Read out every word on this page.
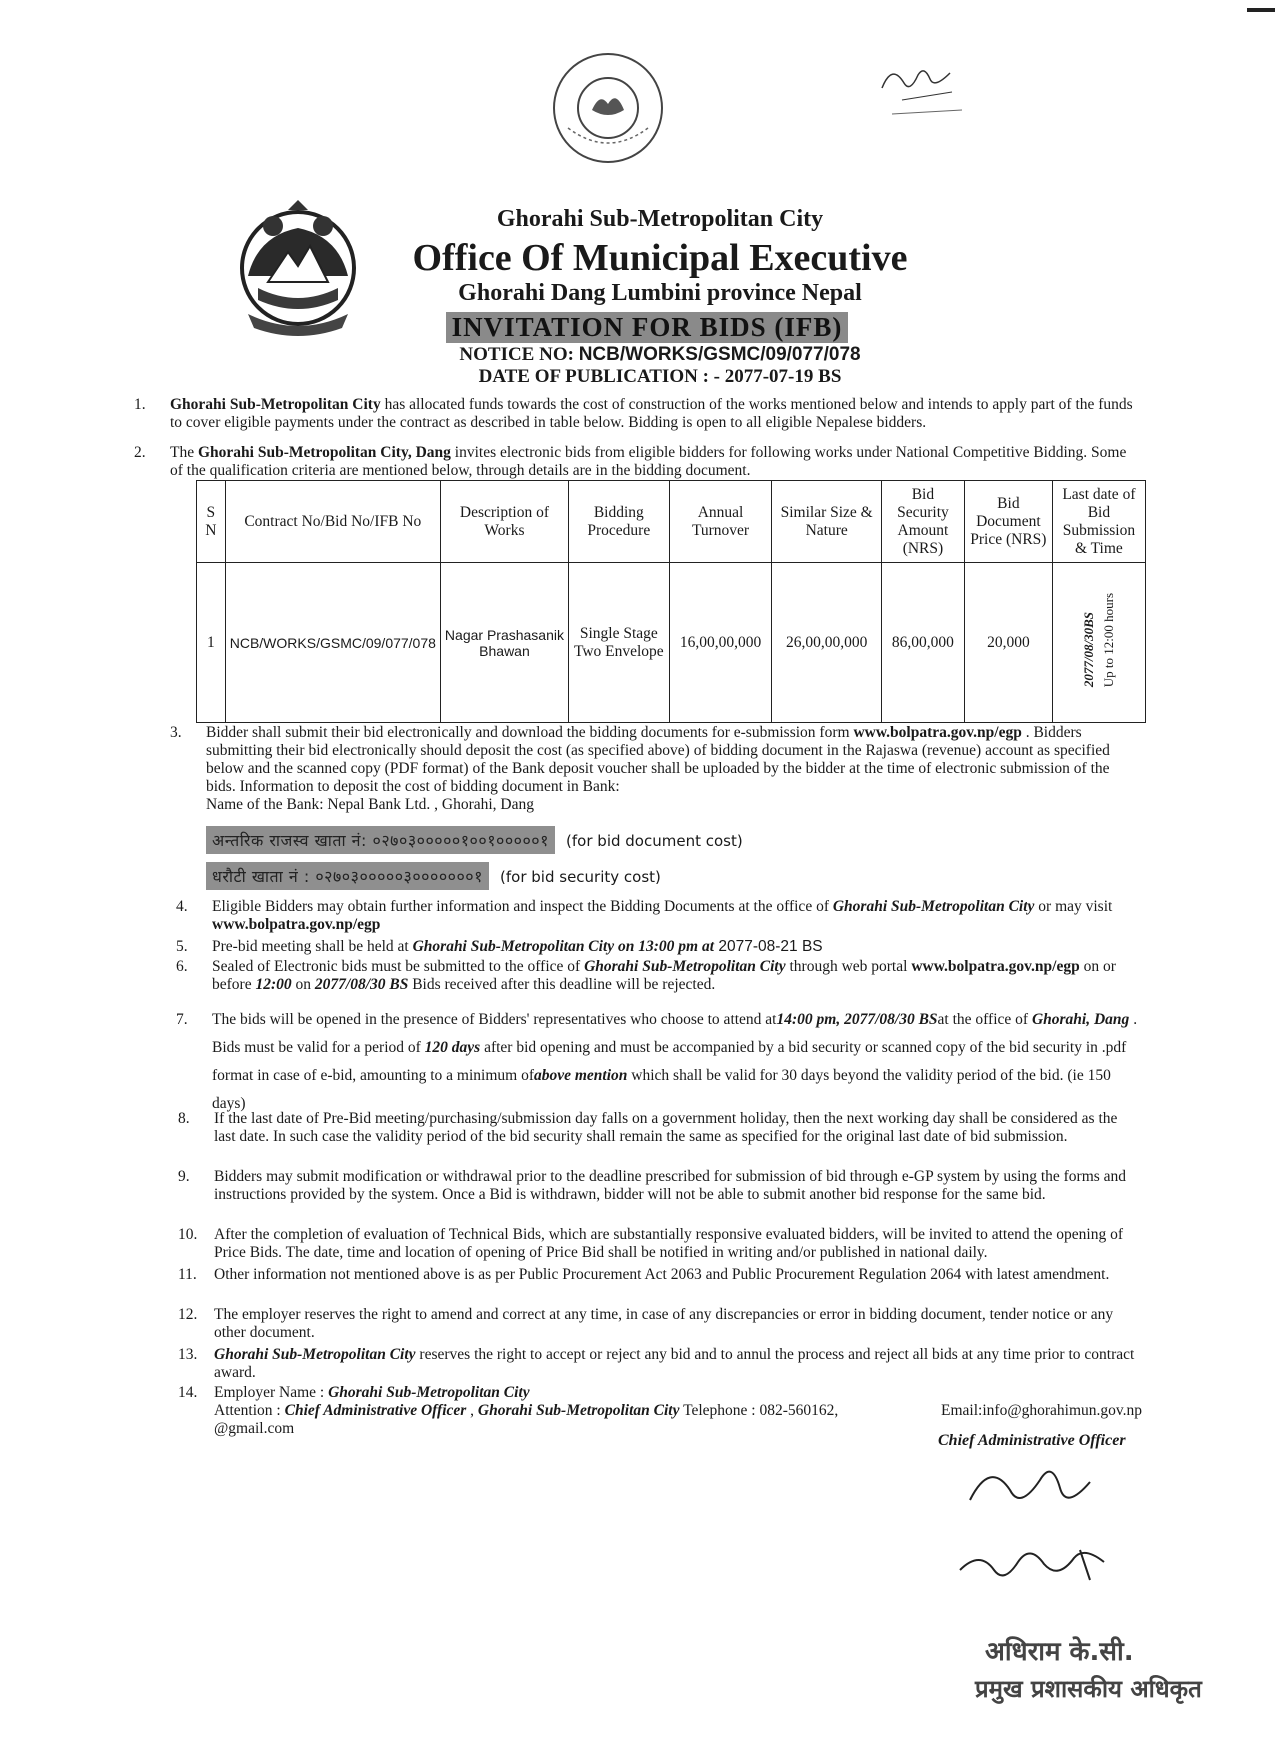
Ghorahi Sub-Metropolitan City
Office Of Municipal Executive
Ghorahi Dang Lumbini province Nepal
INVITATION FOR BIDS (IFB)
NOTICE NO: NCB/WORKS/GSMC/09/077/078
DATE OF PUBLICATION : - 2077-07-19 BS
1.	Ghorahi Sub-Metropolitan City has allocated funds towards the cost of construction of the works mentioned below and intends to apply part of the funds to cover eligible payments under the contract as described in table below. Bidding is open to all eligible Nepalese bidders.
2.	The Ghorahi Sub-Metropolitan City, Dang invites electronic bids from eligible bidders for following works under National Competitive Bidding. Some of the qualification criteria are mentioned below, through details are in the bidding document.
S N	Contract No/Bid No/IFB No	Description of Works	Bidding Procedure	Annual Turnover	Similar Size & Nature	Bid Security Amount (NRS)	Bid Document Price (NRS)	Last date of Bid Submission & Time
1	NCB/WORKS/GSMC/09/077/078	Nagar Prashasanik Bhawan	Single Stage Two Envelope	16,00,00,000	26,00,00,000	86,00,000	20,000	2077/08/30BS Up to 12:00 hours
3.	Bidder shall submit their bid electronically and download the bidding documents for e-submission form www.bolpatra.gov.np/egp . Bidders submitting their bid electronically should deposit the cost (as specified above) of bidding document in the Rajaswa (revenue) account as specified below and the scanned copy (PDF format) of the Bank deposit voucher shall be uploaded by the bidder at the time of electronic submission of the bids. Information to deposit the cost of bidding document in Bank:
Name of the Bank: Nepal Bank Ltd. , Ghorahi, Dang
अन्तरिक राजस्व खाता नं: ०२७०३०००००१००१०००००१ (for bid document cost)
धरौटी खाता नं : ०२७०३०००००३०००००००१ (for bid security cost)
4.	Eligible Bidders may obtain further information and inspect the Bidding Documents at the office of Ghorahi Sub-Metropolitan City or may visit www.bolpatra.gov.np/egp
5.	Pre-bid meeting shall be held at Ghorahi Sub-Metropolitan City on 13:00 pm at 2077-08-21 BS
6.	Sealed of Electronic bids must be submitted to the office of Ghorahi Sub-Metropolitan City through web portal www.bolpatra.gov.np/egp on or before 12:00 on 2077/08/30 BS Bids received after this deadline will be rejected.
7.	The bids will be opened in the presence of Bidders' representatives who choose to attend at14:00 pm, 2077/08/30 BSat the office of Ghorahi, Dang . Bids must be valid for a period of 120 days after bid opening and must be accompanied by a bid security or scanned copy of the bid security in .pdf format in case of e-bid, amounting to a minimum ofabove mention which shall be valid for 30 days beyond the validity period of the bid. (ie 150 days)
8.	If the last date of Pre-Bid meeting/purchasing/submission day falls on a government holiday, then the next working day shall be considered as the last date. In such case the validity period of the bid security shall remain the same as specified for the original last date of bid submission.
9.	Bidders may submit modification or withdrawal prior to the deadline prescribed for submission of bid through e-GP system by using the forms and instructions provided by the system. Once a Bid is withdrawn, bidder will not be able to submit another bid response for the same bid.
10. After the completion of evaluation of Technical Bids, which are substantially responsive evaluated bidders, will be invited to attend the opening of Price Bids. The date, time and location of opening of Price Bid shall be notified in writing and/or published in national daily.
11.	Other information not mentioned above is as per Public Procurement Act 2063 and Public Procurement Regulation 2064 with latest amendment.
12. The employer reserves the right to amend and correct at any time, in case of any discrepancies or error in bidding document, tender notice or any other document.
13. Ghorahi Sub-Metropolitan City reserves the right to accept or reject any bid and to annul the process and reject all bids at any time prior to contract award.
14. Employer Name : Ghorahi Sub-Metropolitan City
Attention : Chief Administrative Officer , Ghorahi Sub-Metropolitan City Telephone : 082-560162,	Email:info@ghorahimun.gov.np
@gmail.com
Chief Administrative Officer
अधिराम के.सी.
प्रमुख प्रशासकीय अधिकृत
